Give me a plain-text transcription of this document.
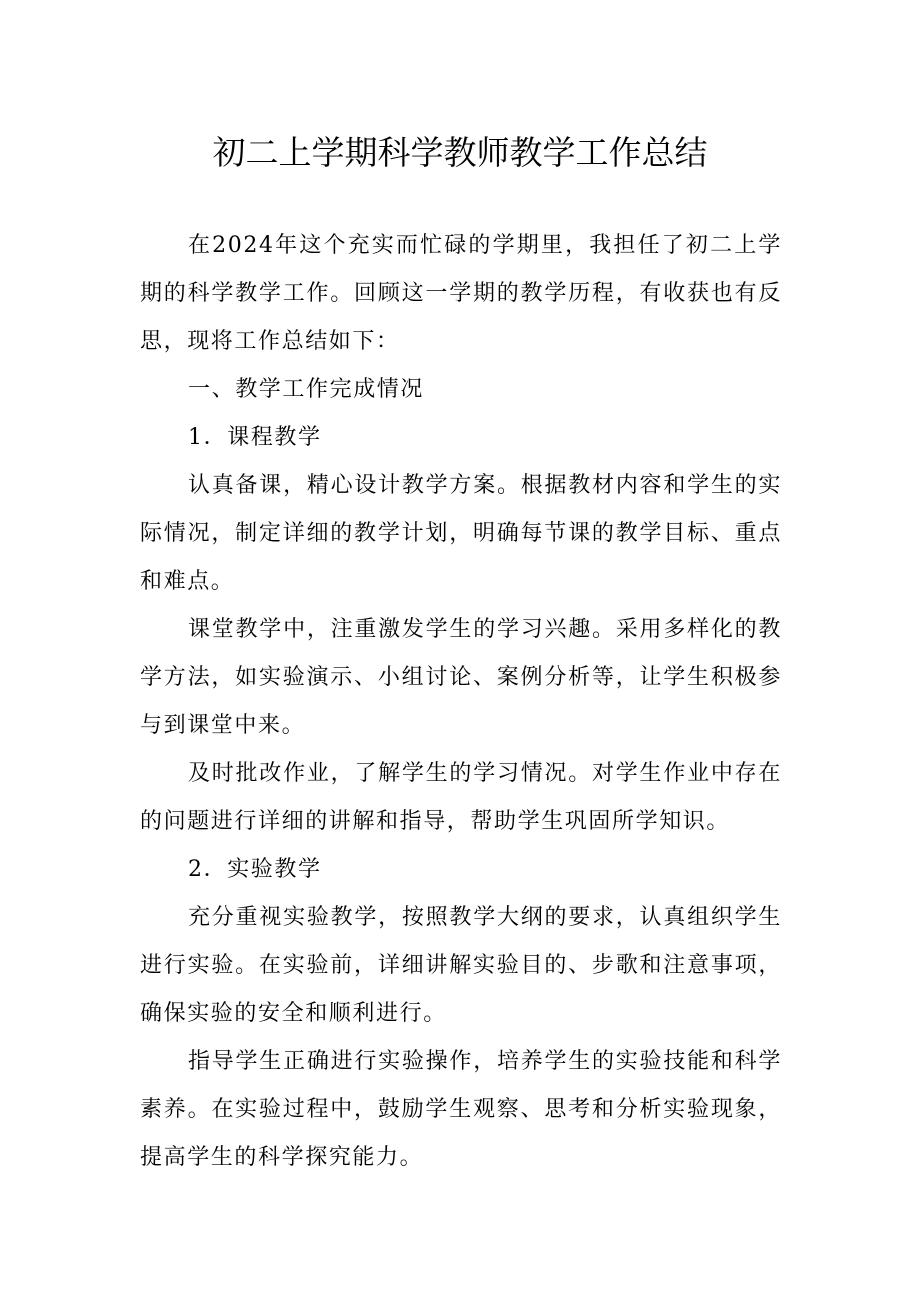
初二上学期科学教师教学工作总结

在2024年这个充实而忙碌的学期里，我担任了初二上学期的科学教学工作。回顾这一学期的教学历程，有收获也有反思，现将工作总结如下：

一、教学工作完成情况

1．课程教学

认真备课，精心设计教学方案。根据教材内容和学生的实际情况，制定详细的教学计划，明确每节课的教学目标、重点和难点。

课堂教学中，注重激发学生的学习兴趣。采用多样化的教学方法，如实验演示、小组讨论、案例分析等，让学生积极参与到课堂中来。

及时批改作业，了解学生的学习情况。对学生作业中存在的问题进行详细的讲解和指导，帮助学生巩固所学知识。

2．实验教学

充分重视实验教学，按照教学大纲的要求，认真组织学生进行实验。在实验前，详细讲解实验目的、步歌和注意事项，确保实验的安全和顺利进行。

指导学生正确进行实验操作，培养学生的实验技能和科学素养。在实验过程中，鼓励学生观察、思考和分析实验现象，提高学生的科学探究能力。
